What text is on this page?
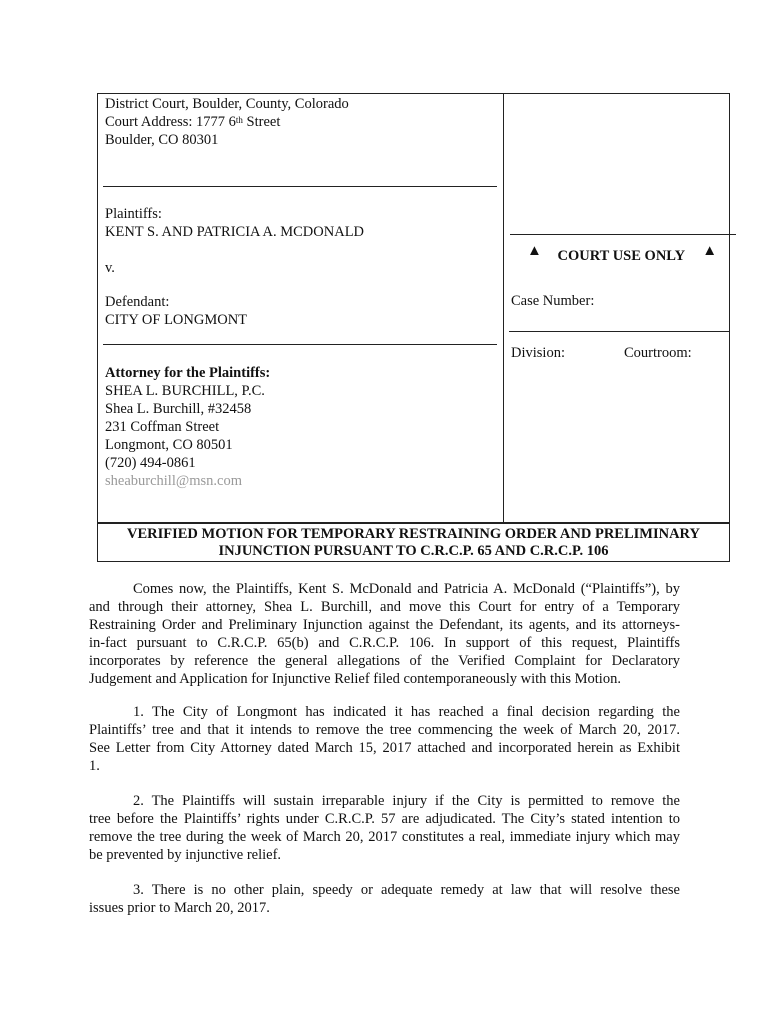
District Court, Boulder, County, Colorado
Court Address: 1777 6th Street
Boulder, CO 80301
Plaintiffs:
KENT S. AND PATRICIA A. MCDONALD
v.
Defendant:
CITY OF LONGMONT
Attorney for the Plaintiffs:
SHEA L. BURCHILL, P.C.
Shea L. Burchill, #32458
231 Coffman Street
Longmont, CO 80501
(720) 494-0861
sheaburchill@msn.com
▲ COURT USE ONLY ▲
Case Number:
Division:	Courtroom:
VERIFIED MOTION FOR TEMPORARY RESTRAINING ORDER AND PRELIMINARY
INJUNCTION PURSUANT TO C.R.C.P. 65 AND C.R.C.P. 106
Comes now, the Plaintiffs, Kent S. McDonald and Patricia A. McDonald (“Plaintiffs”), by
and through their attorney, Shea L. Burchill, and move this Court for entry of a Temporary
Restraining Order and Preliminary Injunction against the Defendant, its agents, and its attorneys-
in-fact pursuant to C.R.C.P. 65(b) and C.R.C.P. 106. In support of this request, Plaintiffs
incorporates by reference the general allegations of the Verified Complaint for Declaratory
Judgement and Application for Injunctive Relief filed contemporaneously with this Motion.
1. The City of Longmont has indicated it has reached a final decision regarding the
Plaintiffs’ tree and that it intends to remove the tree commencing the week of March 20, 2017.
See Letter from City Attorney dated March 15, 2017 attached and incorporated herein as Exhibit
1.
2. The Plaintiffs will sustain irreparable injury if the City is permitted to remove the
tree before the Plaintiffs’ rights under C.R.C.P. 57 are adjudicated. The City’s stated intention to
remove the tree during the week of March 20, 2017 constitutes a real, immediate injury which may
be prevented by injunctive relief.
3. There is no other plain, speedy or adequate remedy at law that will resolve these
issues prior to March 20, 2017.
